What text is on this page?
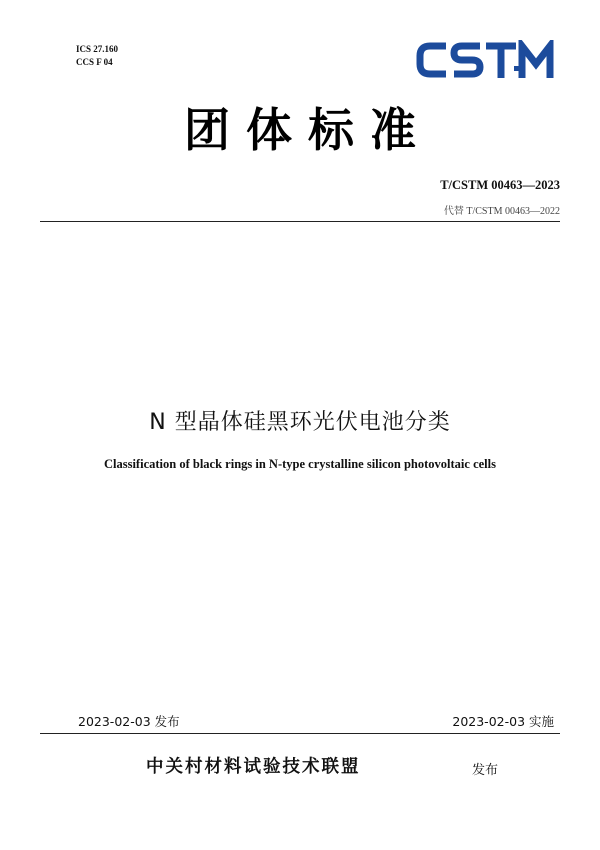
ICS 27.160
CCS F 04
团体标准
T/CSTM 00463—2023
代替 T/CSTM 00463—2022
N 型晶体硅黑环光伏电池分类
Classification of black rings in N-type crystalline silicon photovoltaic cells
2023-02-03 发布	2023-02-03 实施
中关村材料试验技术联盟	发布
